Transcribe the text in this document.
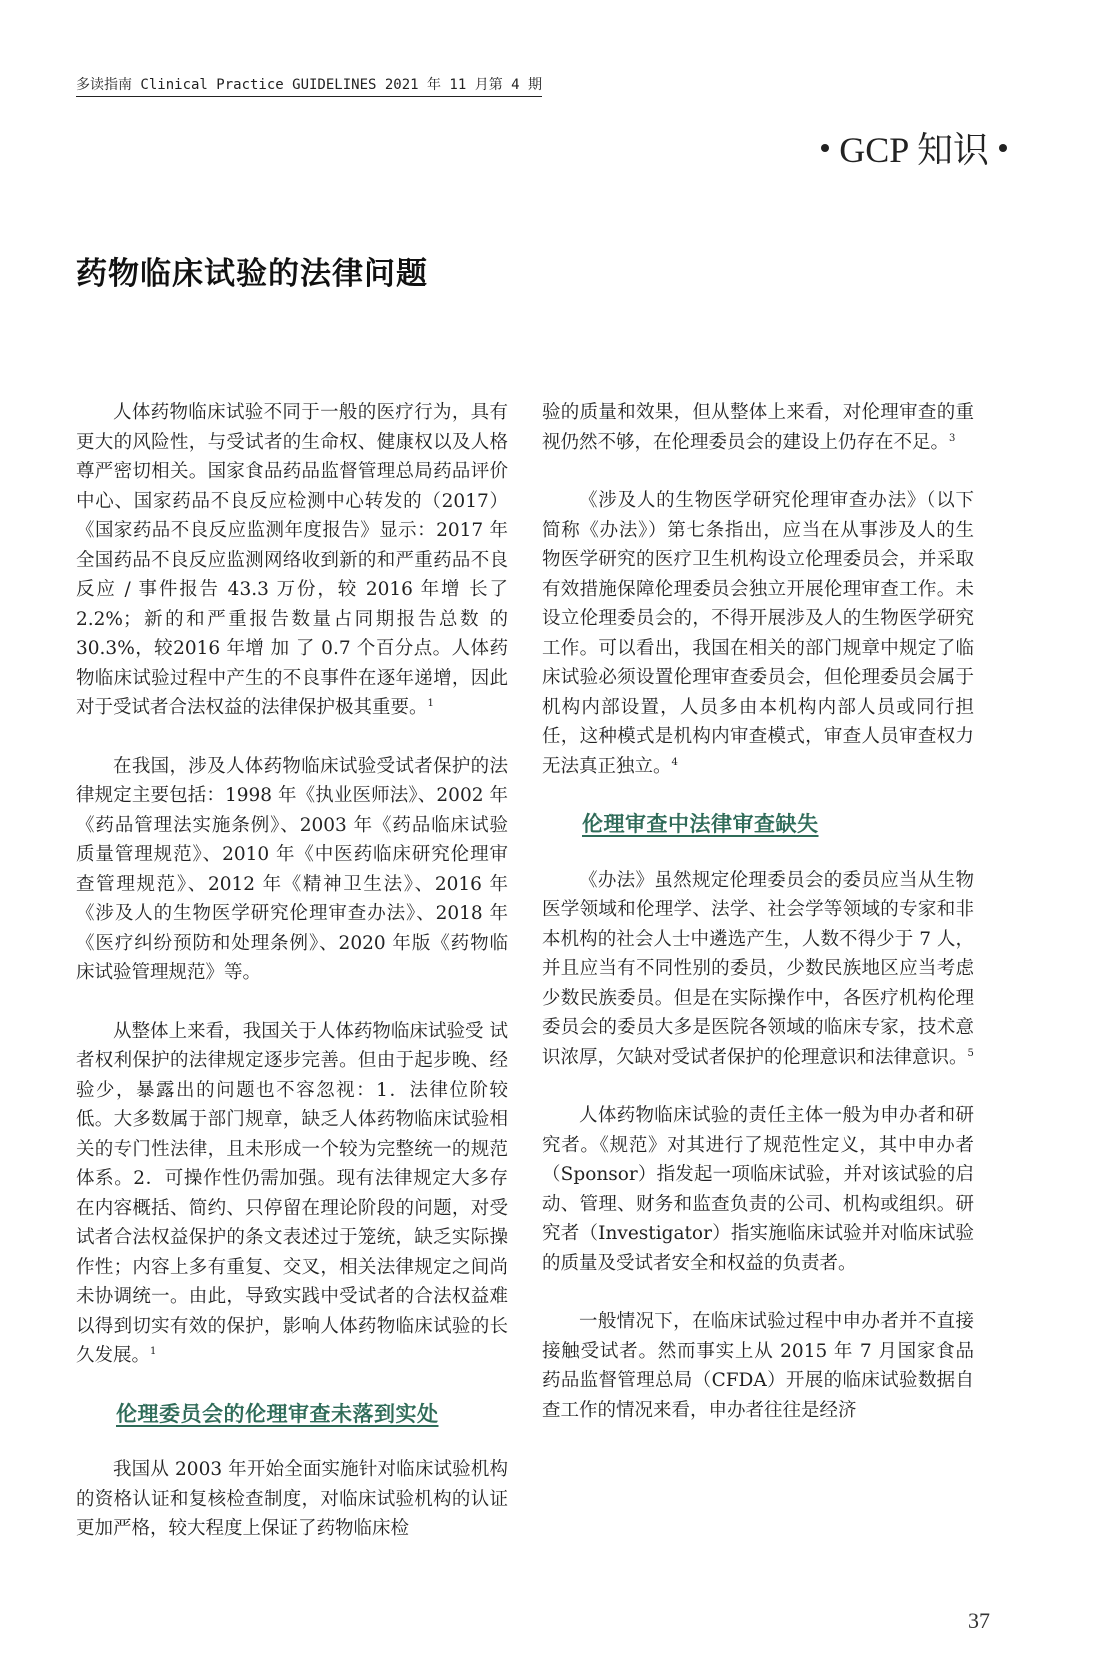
多读指南 Clinical Practice GUIDELINES 2021 年 11 月第 4 期
GCP 知识
药物临床试验的法律问题

人体药物临床试验不同于一般的医疗行为，具有更大的风险性，与受试者的生命权、健康权以及人格尊严密切相关。国家食品药品监督管理总局药品评价中心、国家药品不良反应检测中心转发的（2017）《国家药品不良反应监测年度报告》显示：2017 年全国药品不良反应监测网络收到新的和严重药品不良反应 / 事件报告 43.3 万份，较 2016 年增 长了 2.2%；新的和严重报告数量占同期报告总数 的 30.3%，较2016 年增 加 了 0.7 个百分点。人体药物临床试验过程中产生的不良事件在逐年递增，因此对于受试者合法权益的法律保护极其重要。$^1$

在我国，涉及人体药物临床试验受试者保护的法律规定主要包括：1998 年《执业医师法》、2002 年 《药品管理法实施条例》、2003 年《药品临床试验质量管理规范》、2010 年《中医药临床研究伦理审查管理规范》、2012 年《精神卫生法》、2016 年《涉及人的生物医学研究伦理审查办法》、2018 年《医疗纠纷预防和处理条例》、2020 年版《药物临床试验管理规范》等。

从整体上来看，我国关于人体药物临床试验受 试者权利保护的法律规定逐步完善。但由于起步晚、经验少，暴露出的问题也不容忽视：1．法律位阶较低。大多数属于部门规章，缺乏人体药物临床试验相关的专门性法律，且未形成一个较为完整统一的规范体系。2．可操作性仍需加强。现有法律规定大多存在内容概括、简约、只停留在理论阶段的问题，对受试者合法权益保护的条文表述过于笼统，缺乏实际操作性；内容上多有重复、交叉，相关法律规定之间尚未协调统一。由此，导致实践中受试者的合法权益难以得到切实有效的保护，影响人体药物临床试验的长久发展。$^1$

伦理委员会的伦理审查未落到实处

我国从 2003 年开始全面实施针对临床试验机构的资格认证和复核检查制度，对临床试验机构的认证更加严格，较大程度上保证了药物临床检

验的质量和效果，但从整体上来看，对伦理审查的重视仍然不够，在伦理委员会的建设上仍存在不足。$^3$

《涉及人的生物医学研究伦理审查办法》（以下 简称《办法》）第七条指出，应当在从事涉及人的生物医学研究的医疗卫生机构设立伦理委员会，并采取有效措施保障伦理委员会独立开展伦理审查工作。未设立伦理委员会的，不得开展涉及人的生物医学研究工作。可以看出，我国在相关的部门规章中规定了临床试验必须设置伦理审查委员会，但伦理委员会属于机构内部设置，人员多由本机构内部人员或同行担任，这种模式是机构内审查模式，审查人员审查权力无法真正独立。$^4$

伦理审查中法律审查缺失

《办法》虽然规定伦理委员会的委员应当从生物医学领域和伦理学、法学、社会学等领域的专家和非本机构的社会人士中遴选产生，人数不得少于 7 人，并且应当有不同性别的委员，少数民族地区应当考虑少数民族委员。但是在实际操作中，各医疗机构伦理委员会的委员大多是医院各领域的临床专家，技术意识浓厚，欠缺对受试者保护的伦理意识和法律意识。$^5$

人体药物临床试验的责任主体一般为申办者和研究者。《规范》对其进行了规范性定义，其中申办者（Sponsor）指发起一项临床试验，并对该试验的启动、管理、财务和监查负责的公司、机构或组织。研究者（Investigator）指实施临床试验并对临床试验的质量及受试者安全和权益的负责者。

一般情况下，在临床试验过程中申办者并不直接接触受试者。然而事实上从 2015 年 7 月国家食品药品监督管理总局（CFDA）开展的临床试验数据自查工作的情况来看，申办者往往是经济

37
